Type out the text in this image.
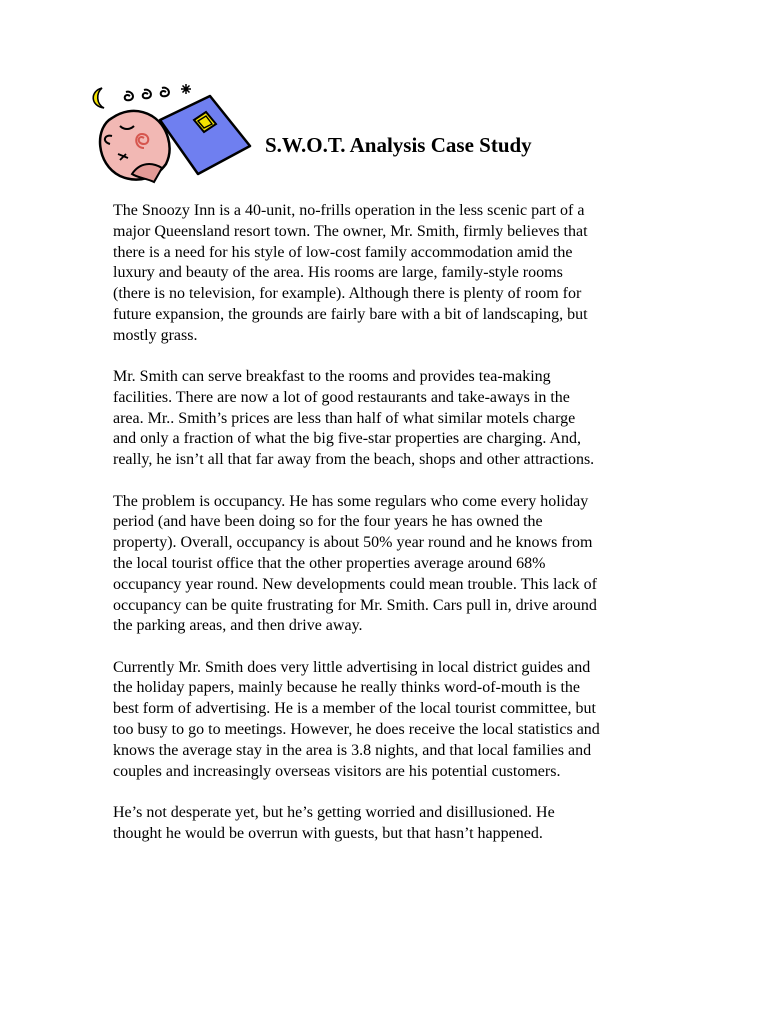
S.W.O.T. Analysis Case Study

The Snoozy Inn is a 40-unit, no-frills operation in the less scenic part of a
major Queensland resort town. The owner, Mr. Smith, firmly believes that
there is a need for his style of low-cost family accommodation amid the
luxury and beauty of the area. His rooms are large, family-style rooms
(there is no television, for example). Although there is plenty of room for
future expansion, the grounds are fairly bare with a bit of landscaping, but
mostly grass.

Mr. Smith can serve breakfast to the rooms and provides tea-making
facilities. There are now a lot of good restaurants and take-aways in the
area. Mr.. Smith’s prices are less than half of what similar motels charge
and only a fraction of what the big five-star properties are charging. And,
really, he isn’t all that far away from the beach, shops and other attractions.

The problem is occupancy. He has some regulars who come every holiday
period (and have been doing so for the four years he has owned the
property). Overall, occupancy is about 50% year round and he knows from
the local tourist office that the other properties average around 68%
occupancy year round. New developments could mean trouble. This lack of
occupancy can be quite frustrating for Mr. Smith. Cars pull in, drive around
the parking areas, and then drive away.

Currently Mr. Smith does very little advertising in local district guides and
the holiday papers, mainly because he really thinks word-of-mouth is the
best form of advertising. He is a member of the local tourist committee, but
too busy to go to meetings. However, he does receive the local statistics and
knows the average stay in the area is 3.8 nights, and that local families and
couples and increasingly overseas visitors are his potential customers.

He’s not desperate yet, but he’s getting worried and disillusioned. He
thought he would be overrun with guests, but that hasn’t happened.
